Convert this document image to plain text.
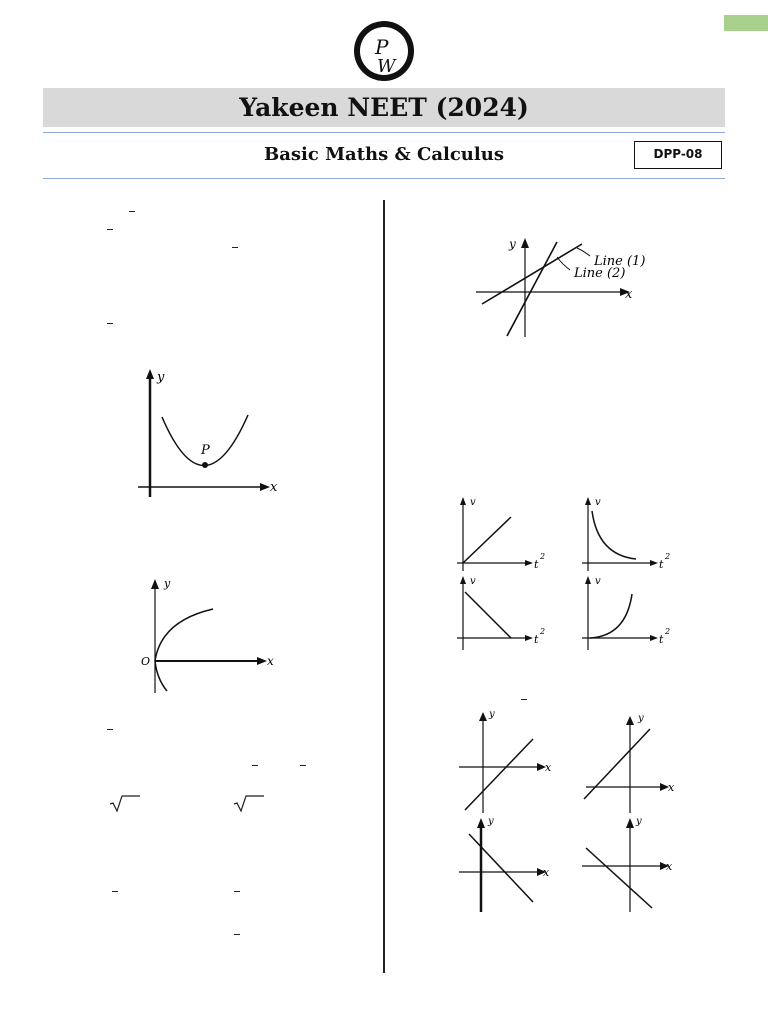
P
W
Yakeen NEET (2024)
Basic Maths & Calculus	DPP-08
y
x
P
y
x
O
y
x
Line (1)
Line (2)
v
t
2
v
t
2
v
t
2
v
t
2
y
x
y
x
y
x
y
x
